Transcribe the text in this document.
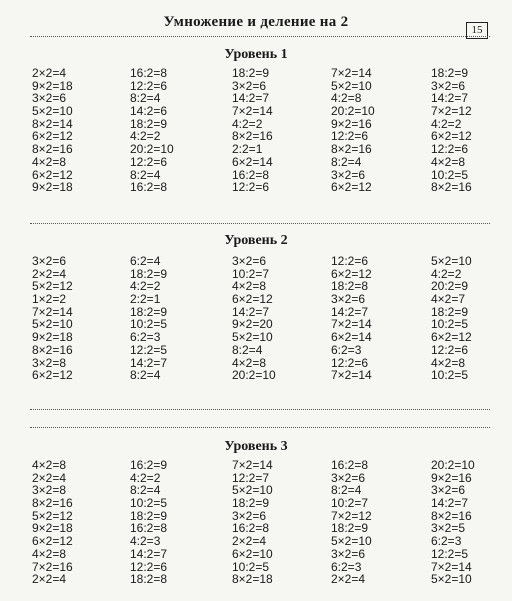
Умножение и деление на 2	15
Уровень 1
2×2=4
9×2=18
3×2=6
5×2=10
8×2=14
6×2=12
8×2=16
4×2=8
6×2=12
9×2=18
16:2=8
12:2=6
8:2=4
14:2=6
18:2=9
4:2=2
20:2=10
12:2=6
8:2=4
16:2=8
18:2=9
3×2=6
14:2=7
7×2=14
4:2=2
8×2=16
2:2=1
6×2=14
16:2=8
12:2=6
7×2=14
5×2=10
4:2=8
20:2=10
9×2=16
12:2=6
8×2=16
8:2=4
3×2=6
6×2=12
18:2=9
3×2=6
14:2=7
7×2=12
4:2=2
6×2=12
12:2=6
4×2=8
10:2=5
8×2=16
Уровень 2
3×2=6
2×2=4
5×2=12
1×2=2
7×2=14
5×2=10
9×2=18
8×2=16
3×2=8
6×2=12
6:2=4
18:2=9
4:2=2
2:2=1
18:2=9
10:2=5
6:2=3
12:2=5
14:2=7
8:2=4
3×2=6
10:2=7
4×2=8
6×2=12
14:2=7
9×2=20
5×2=10
8:2=4
4×2=8
20:2=10
12:2=6
6×2=12
18:2=8
3×2=6
14:2=7
7×2=14
6×2=14
6:2=3
12:2=6
7×2=14
5×2=10
4:2=2
20:2=9
4×2=7
18:2=9
10:2=5
6×2=12
12:2=6
4×2=8
10:2=5
Уровень 3
4×2=8
2×2=4
3×2=8
8×2=16
5×2=12
9×2=18
6×2=12
4×2=8
7×2=16
2×2=4
16:2=9
4:2=2
8:2=4
10:2=5
18:2=9
16:2=8
4:2=3
14:2=7
12:2=6
18:2=8
7×2=14
12:2=7
5×2=10
18:2=9
3×2=6
16:2=8
2×2=4
6×2=10
10:2=5
8×2=18
16:2=8
3×2=6
8:2=4
10:2=7
7×2=12
18:2=9
5×2=10
3×2=6
6:2=3
2×2=4
20:2=10
9×2=16
3×2=6
14:2=7
8×2=16
3×2=5
6:2=3
12:2=5
7×2=14
5×2=10
